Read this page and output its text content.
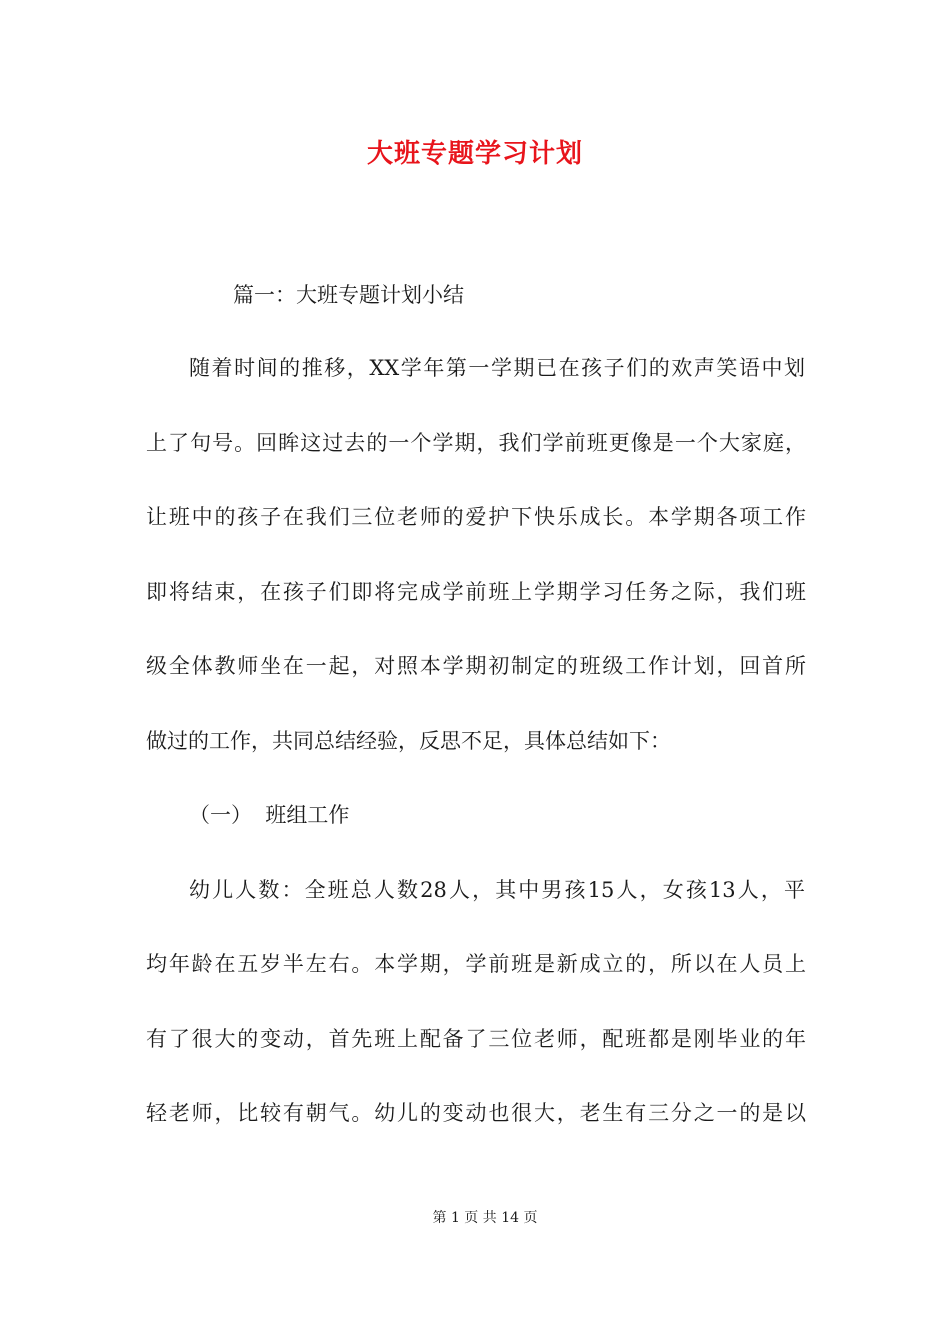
大班专题学习计划
篇一：大班专题计划小结
随着时间的推移，XX学年第一学期已在孩子们的欢声笑语中划
上了句号。回眸这过去的一个学期，我们学前班更像是一个大家庭，
让班中的孩子在我们三位老师的爱护下快乐成长。本学期各项工作
即将结束，在孩子们即将完成学前班上学期学习任务之际，我们班
级全体教师坐在一起，对照本学期初制定的班级工作计划，回首所
做过的工作，共同总结经验，反思不足，具体总结如下：
（一）  班组工作
幼儿人数：全班总人数28人，其中男孩15人，女孩13人，平
均年龄在五岁半左右。本学期，学前班是新成立的，所以在人员上
有了很大的变动，首先班上配备了三位老师，配班都是刚毕业的年
轻老师，比较有朝气。幼儿的变动也很大，老生有三分之一的是以
第 1 页 共 14 页
